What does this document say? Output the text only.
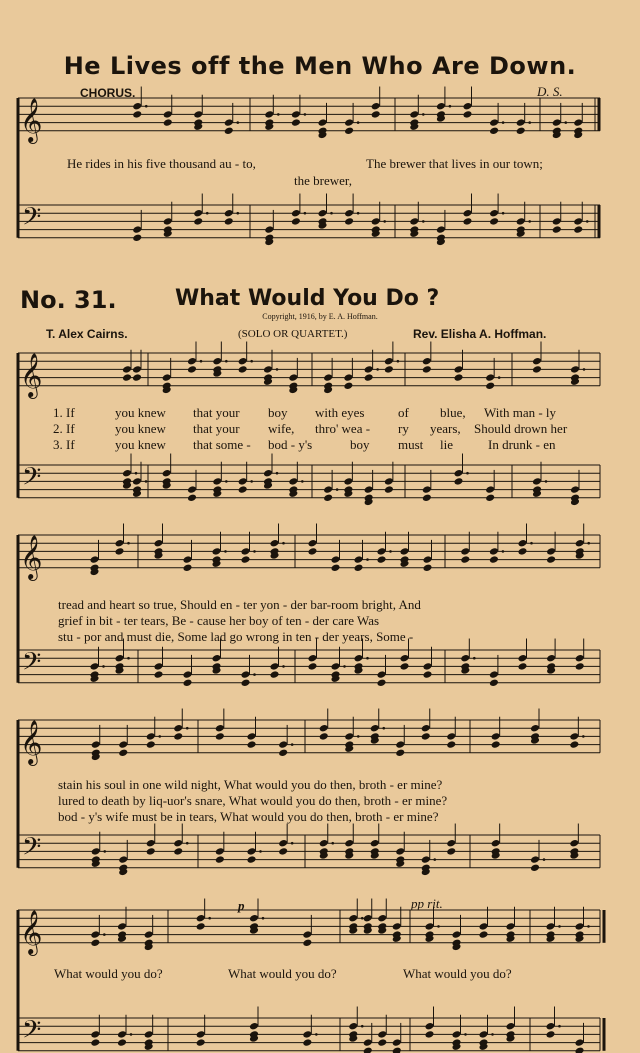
He Lives off the Men Who Are Down.
CHORUS.	D. S.
𝄞
𝄢
𝄞
𝄢
𝄞
𝄢
𝄞
𝄢
𝄞
𝄢
He rides in his five thousand au - to,	The brewer that lives in our town;
the brewer,
No. 31.	What Would You Do ?
Copyright, 1916, by E. A. Hoffman.
T. Alex Cairns.	(SOLO OR QUARTET.)	Rev. Elisha A. Hoffman.
1. If	you knew that your boy with eyes	of blue, With man - ly
2. If	you knew that your wife, thro' wea - ry years, Should drown her
3. If	you knew that some - bod - y's	boy must lie	In drunk - en
tread and heart so true, Should en - ter yon - der bar-room bright, And
grief in bit - ter tears, Be - cause her boy of ten - der care Was
stu - por and must die, Some lad go wrong in ten - der years, Some -
stain his soul in one wild night, What would you do then, broth - er mine?
lured to death by liq-uor's snare, What would you do then, broth - er mine?
bod - y's wife must be in tears, What would you do then, broth - er mine?
p	pp rit.
What would you do?	What would you do?	What would you do?
